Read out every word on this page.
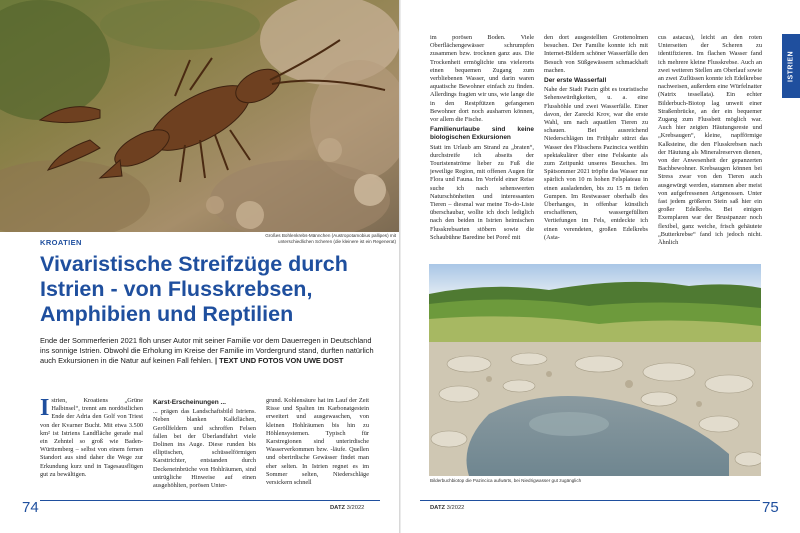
Großes Bohlenkrebs-Männchen (Austropotamobius pallipes) mit
unterschiedlichen Scheren (die kleinere ist ein Regenerat)
KROATIEN
Vivaristische Streifzüge durch Istrien - von Flusskrebsen, Amphibien und Reptilien
Ende der Sommerferien 2021 floh unser Autor mit seiner Familie vor dem Dauerregen in Deutschland ins sonnige Istrien. Obwohl die Erholung im Kreise der Familie im Vordergrund stand, durften natürlich auch Exkursionen in die Natur auf keinen Fall fehlen. | TEXT UND FOTOS VON UWE DOST

Istrien, Kroatiens „Grüne Halbinsel“, trennt am nordöstlichen Ende der Adria den Golf von Triest von der Kvarner Bucht. Mit etwa 3.500 km² ist Istriens Landfläche gerade mal ein Zehntel so groß wie Baden-Württemberg – selbst von einem fernen Standort aus sind daher die Wege zur Erkundung kurz und in Tagesausflügen gut zu bewältigen.

Karst-Erscheinungen ...

... prägen das Landschaftsbild Istriens. Neben blanken Kalkflächen, Geröllfeldern und schroffen Felsen fallen bei der Überlandfahrt viele Dolinen ins Auge. Diese runden bis elliptischen, schüsselförmigen Karsttrichter, entstanden durch Deckeneinbrüche von Hohlräumen, sind untrügliche Hinweise auf einen ausgehöhlten, porösen Unter-

grund. Kohlensäure hat im Lauf der Zeit Risse und Spalten im Karbonatgestein erweitert und ausgewaschen, von kleinen Hohlräumen bis hin zu Höhlensystemen. Typisch für Karstregionen sind unterirdische Wasserverkommen bzw. -läufe. Quellen und oberirdische Gewässer findet man eher selten. In Istrien regnet es im Sommer selten, Niederschläge versickern schnell

74	DATZ 3/2022
ISTRIEN

im porösen Boden. Viele Oberflächengewässer schrumpfen zusammen bzw. trocknen ganz aus. Die Trockenheit ermöglichte uns vielerorts einen bequemen Zugang zum verbliebenen Wasser, und darin waren aquatische Bewohner einfach zu finden. Allerdings fragten wir uns, wie lange die in den Restpfützen gefangenen Bewohner dort noch ausharren können, vor allem die Fische.

Familienurlaube sind keine biologischen Exkursionen

Statt im Urlaub am Strand zu „braten“, durchstreife ich abseits der Touristenströme lieber zu Fuß die jeweilige Region, mit offenen Augen für Flora und Fauna. Im Vorfeld einer Reise suche ich nach sehenswerten Naturschönheiten und interessanten Tieren – diesmal war meine To-do-Liste überschaubar, wollte ich doch lediglich nach den beiden in Istrien heimischen Flusskrebsarten stöbern sowie die Schaubühne Baredine bei Poreč mit

den dort ausgestellten Grottenolmen besuchen. Der Familie konnte ich mit Internet-Bildern schöner Wasserfälle den Besuch von Süßgewässern schmackhaft machen.

Der erste Wasserfall

Nahe der Stadt Pazin gibt es touristische Sehenswürdigkeiten, u. a. eine Flusshöhle und zwei Wasserfälle. Einer davon, der Zarecki Krov, war die erste Wahl, um nach aquatilen Tieren zu schauen. Bei ausreichend Niederschlägen im Frühjahr stürzt das Wasser des Flüsschens Pazincica weithin spektakulärer über eine Felskante als zum Zeitpunkt unseres Besuches. Im Spätsommer 2021 tröpfte das Wasser nur spärlich von 10 m hohen Felsplateau in einen ausladenden, bis zu 15 m tiefen Gumpen. Im Restwasser oberhalb des Überhanges, in offenbar künstlich erschaffenen, wassergefüllten Vertiefungen im Fels, entdeckte ich einen verendeten, großen Edelkrebs (Asta-

cus astacus), leicht an den roten Unterseiten der Scheren zu identifizieren. Im flachen Wasser fand ich mehrere kleine Flusskrebse. Auch an zwei weiteren Stellen am Oberlauf sowie an zwei Zuflüssen konnte ich Edelkrebse nachweisen, außerdem eine Würfelnatter (Natrix tessellata). Ein echter Bilderbuch-Biotop lag unweit einer Straßenbrücke, an der ein bequemer Zugang zum Flussbett möglich war. Auch hier zeigten Häutungsreste und „Krebsaugen“, kleine, napfförmige Kalksteine, die den Flusskrebsen nach der Häutung als Mineralreserven dienen, von der Anwesenheit der gepanzerten Bachbewohner. Krebsaugen können bei Stress zwar von den Tieren auch ausgewürgt werden, stammen aber meist von aufgefressenen Artgenossen. Unter fast jedem größeren Stein saß hier ein großer Edelkrebs. Bei einigen Exemplaren war der Brustpanzer noch flexibel, ganz weiche, frisch gehäutete „Butterkrebse“ fand ich jedoch nicht. Ähnlich

Bilderbuchbiotop die Pazincica aufwärts, bei Niedrigwasser gut zugänglich
DATZ 3/2022	75
